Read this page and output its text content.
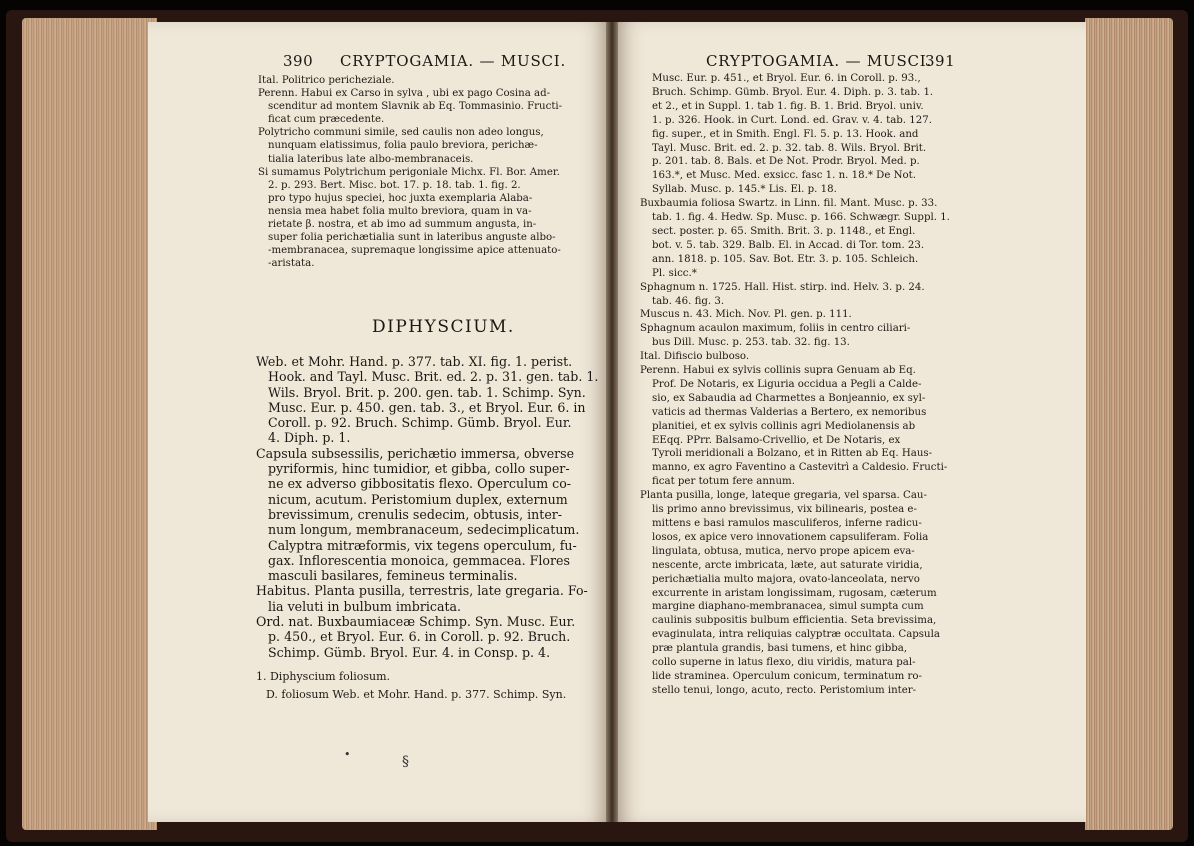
390 CRYPTOGAMIA. — MUSCI.	CRYPTOGAMIA. — MUSCI.
391
Ital. Politrico pericheziale.
Perenn. Habui ex Carso in sylva , ubi ex pago Cosina ad-
scenditur ad montem Slavnik ab Eq. Tommasinio. Fructi-
ficat cum præcedente.
Polytricho communi simile, sed caulis non adeo longus,
nunquam elatissimus, folia paulo breviora, perichæ-
tialia lateribus late albo-membranaceis.
Si sumamus Polytrichum perigoniale Michx. Fl. Bor. Amer.
2. p. 293. Bert. Misc. bot. 17. p. 18. tab. 1. fig. 2.
pro typo hujus speciei, hoc juxta exemplaria Alaba-
nensia mea habet folia multo breviora, quam in va-
rietate β. nostra, et ab imo ad summum angusta, in-
super folia perichætialia sunt in lateribus anguste albo-
-membranacea, supremaque longissime apice attenuato-
-aristata.
DIPHYSCIUM.
Web. et Mohr. Hand. p. 377. tab. XI. fig. 1. perist.
Hook. and Tayl. Musc. Brit. ed. 2. p. 31. gen. tab. 1.
Wils. Bryol. Brit. p. 200. gen. tab. 1. Schimp. Syn.
Musc. Eur. p. 450. gen. tab. 3., et Bryol. Eur. 6. in
Coroll. p. 92. Bruch. Schimp. Gümb. Bryol. Eur.
4. Diph. p. 1.
Capsula subsessilis, perichætio immersa, obverse
pyriformis, hinc tumidior, et gibba, collo super-
ne ex adverso gibbositatis flexo. Operculum co-
nicum, acutum. Peristomium duplex, externum
brevissimum, crenulis sedecim, obtusis, inter-
num longum, membranaceum, sedecimplicatum.
Calyptra mitræformis, vix tegens operculum, fu-
gax. Inflorescentia monoica, gemmacea. Flores
masculi basilares, femineus terminalis.
Habitus. Planta pusilla, terrestris, late gregaria. Fo-
lia veluti in bulbum imbricata.
Ord. nat. Buxbaumiaceæ Schimp. Syn. Musc. Eur.
p. 450., et Bryol. Eur. 6. in Coroll. p. 92. Bruch.
Schimp. Gümb. Bryol. Eur. 4. in Consp. p. 4.
1. Diphyscium foliosum.
D. foliosum Web. et Mohr. Hand. p. 377. Schimp. Syn.
•	§
Musc. Eur. p. 451., et Bryol. Eur. 6. in Coroll. p. 93.,
Bruch. Schimp. Gümb. Bryol. Eur. 4. Diph. p. 3. tab. 1.
et 2., et in Suppl. 1. tab 1. fig. B. 1. Brid. Bryol. univ.
1. p. 326. Hook. in Curt. Lond. ed. Grav. v. 4. tab. 127.
fig. super., et in Smith. Engl. Fl. 5. p. 13. Hook. and
Tayl. Musc. Brit. ed. 2. p. 32. tab. 8. Wils. Bryol. Brit.
p. 201. tab. 8. Bals. et De Not. Prodr. Bryol. Med. p.
163.*, et Musc. Med. exsicc. fasc 1. n. 18.* De Not.
Syllab. Musc. p. 145.* Lis. El. p. 18.
Buxbaumia foliosa Swartz. in Linn. fil. Mant. Musc. p. 33.
tab. 1. fig. 4. Hedw. Sp. Musc. p. 166. Schwægr. Suppl. 1.
sect. poster. p. 65. Smith. Brit. 3. p. 1148., et Engl.
bot. v. 5. tab. 329. Balb. El. in Accad. di Tor. tom. 23.
ann. 1818. p. 105. Sav. Bot. Etr. 3. p. 105. Schleich.
Pl. sicc.*
Sphagnum n. 1725. Hall. Hist. stirp. ind. Helv. 3. p. 24.
tab. 46. fig. 3.
Muscus n. 43. Mich. Nov. Pl. gen. p. 111.
Sphagnum acaulon maximum, foliis in centro ciliari-
bus Dill. Musc. p. 253. tab. 32. fig. 13.
Ital. Difiscio bulboso.
Perenn. Habui ex sylvis collinis supra Genuam ab Eq.
Prof. De Notaris, ex Liguria occidua a Pegli a Calde-
sio, ex Sabaudia ad Charmettes a Bonjeannio, ex syl-
vaticis ad thermas Valderias a Bertero, ex nemoribus
planitiei, et ex sylvis collinis agri Mediolanensis ab
EEqq. PPrr. Balsamo-Crivellio, et De Notaris, ex
Tyroli meridionali a Bolzano, et in Ritten ab Eq. Haus-
manno, ex agro Faventino a Castevitrì a Caldesio. Fructi-
ficat per totum fere annum.
Planta pusilla, longe, lateque gregaria, vel sparsa. Cau-
lis primo anno brevissimus, vix bilinearis, postea e-
mittens e basi ramulos masculiferos, inferne radicu-
losos, ex apice vero innovationem capsuliferam. Folia
lingulata, obtusa, mutica, nervo prope apicem eva-
nescente, arcte imbricata, læte, aut saturate viridia,
perichætialia multo majora, ovato-lanceolata, nervo
excurrente in aristam longissimam, rugosam, cæterum
margine diaphano-membranacea, simul sumpta cum
caulinis subpositis bulbum efficientia. Seta brevissima,
evaginulata, intra reliquias calyptræ occultata. Capsula
præ plantula grandis, basi tumens, et hinc gibba,
collo superne in latus flexo, diu viridis, matura pal-
lide straminea. Operculum conicum, terminatum ro-
stello tenui, longo, acuto, recto. Peristomium inter-
